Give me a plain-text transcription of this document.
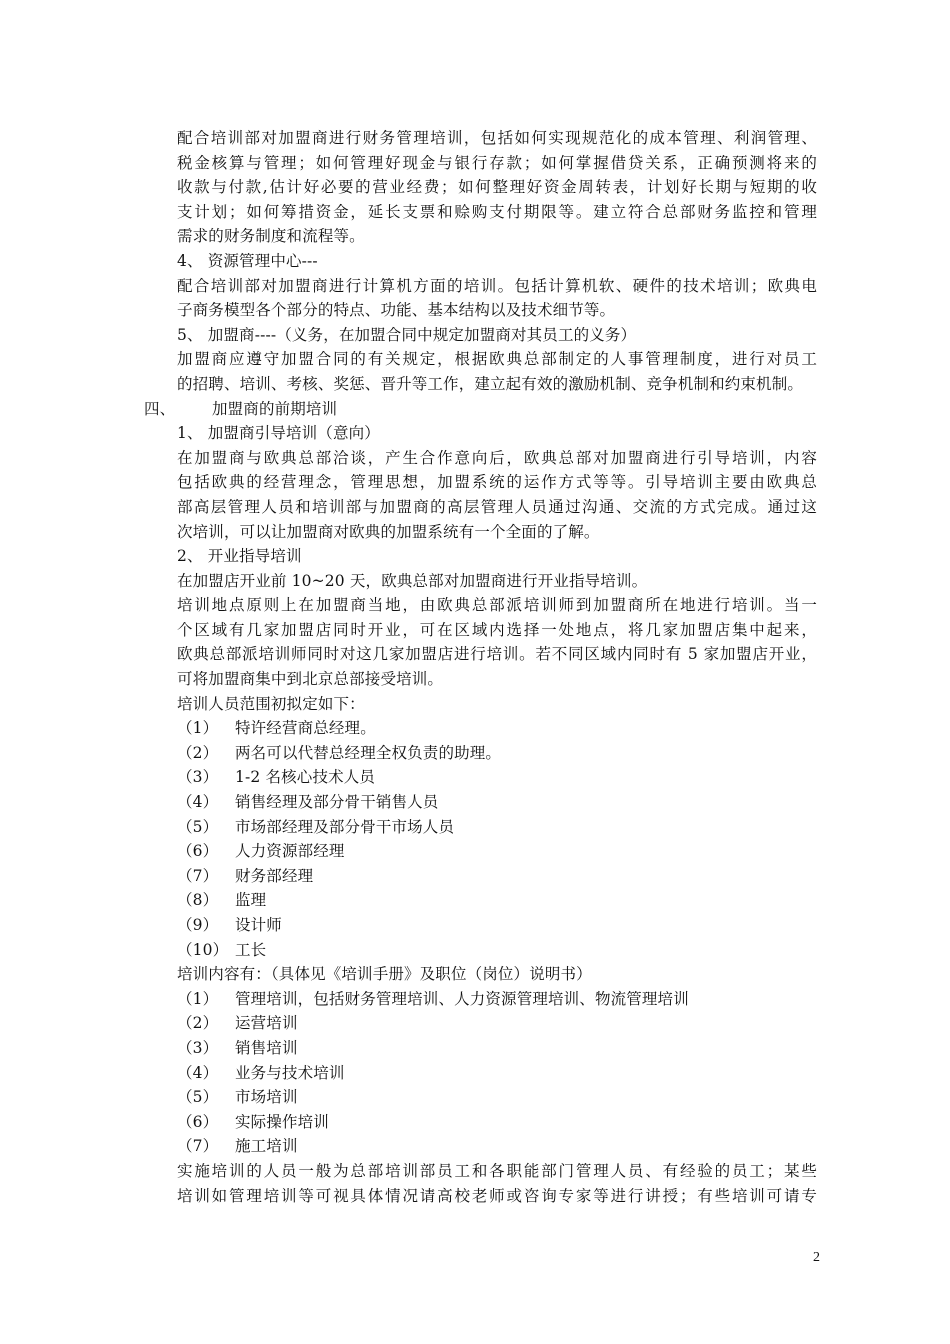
配合培训部对加盟商进行财务管理培训，包括如何实现规范化的成本管理、利润管理、
税金核算与管理；如何管理好现金与银行存款；如何掌握借贷关系，正确预测将来的
收款与付款,估计好必要的营业经费；如何整理好资金周转表，计划好长期与短期的收
支计划；如何筹措资金，延长支票和赊购支付期限等。建立符合总部财务监控和管理
需求的财务制度和流程等。
4、 资源管理中心---
配合培训部对加盟商进行计算机方面的培训。包括计算机软、硬件的技术培训；欧典电
子商务模型各个部分的特点、功能、基本结构以及技术细节等。
5、 加盟商----（义务，在加盟合同中规定加盟商对其员工的义务）
加盟商应遵守加盟合同的有关规定，根据欧典总部制定的人事管理制度，进行对员工
的招聘、培训、考核、奖惩、晋升等工作，建立起有效的激励机制、竞争机制和约束机制。
四、 加盟商的前期培训
1、 加盟商引导培训（意向）
在加盟商与欧典总部洽谈，产生合作意向后，欧典总部对加盟商进行引导培训，内容
包括欧典的经营理念，管理思想，加盟系统的运作方式等等。引导培训主要由欧典总
部高层管理人员和培训部与加盟商的高层管理人员通过沟通、交流的方式完成。通过这
次培训，可以让加盟商对欧典的加盟系统有一个全面的了解。
2、 开业指导培训
在加盟店开业前 10~20 天，欧典总部对加盟商进行开业指导培训。
培训地点原则上在加盟商当地，由欧典总部派培训师到加盟商所在地进行培训。当一
个区域有几家加盟店同时开业，可在区域内选择一处地点，将几家加盟店集中起来，
欧典总部派培训师同时对这几家加盟店进行培训。若不同区域内同时有 5 家加盟店开业，
可将加盟商集中到北京总部接受培训。
培训人员范围初拟定如下：
（1） 特许经营商总经理。
（2） 两名可以代替总经理全权负责的助理。
（3） 1-2 名核心技术人员
（4） 销售经理及部分骨干销售人员
（5） 市场部经理及部分骨干市场人员
（6） 人力资源部经理
（7） 财务部经理
（8） 监理
（9） 设计师
（10） 工长
培训内容有：（具体见《培训手册》及职位（岗位）说明书）
（1） 管理培训，包括财务管理培训、人力资源管理培训、物流管理培训
（2） 运营培训
（3） 销售培训
（4） 业务与技术培训
（5） 市场培训
（6） 实际操作培训
（7） 施工培训
实施培训的人员一般为总部培训部员工和各职能部门管理人员、有经验的员工；某些
培训如管理培训等可视具体情况请高校老师或咨询专家等进行讲授；有些培训可请专
2
